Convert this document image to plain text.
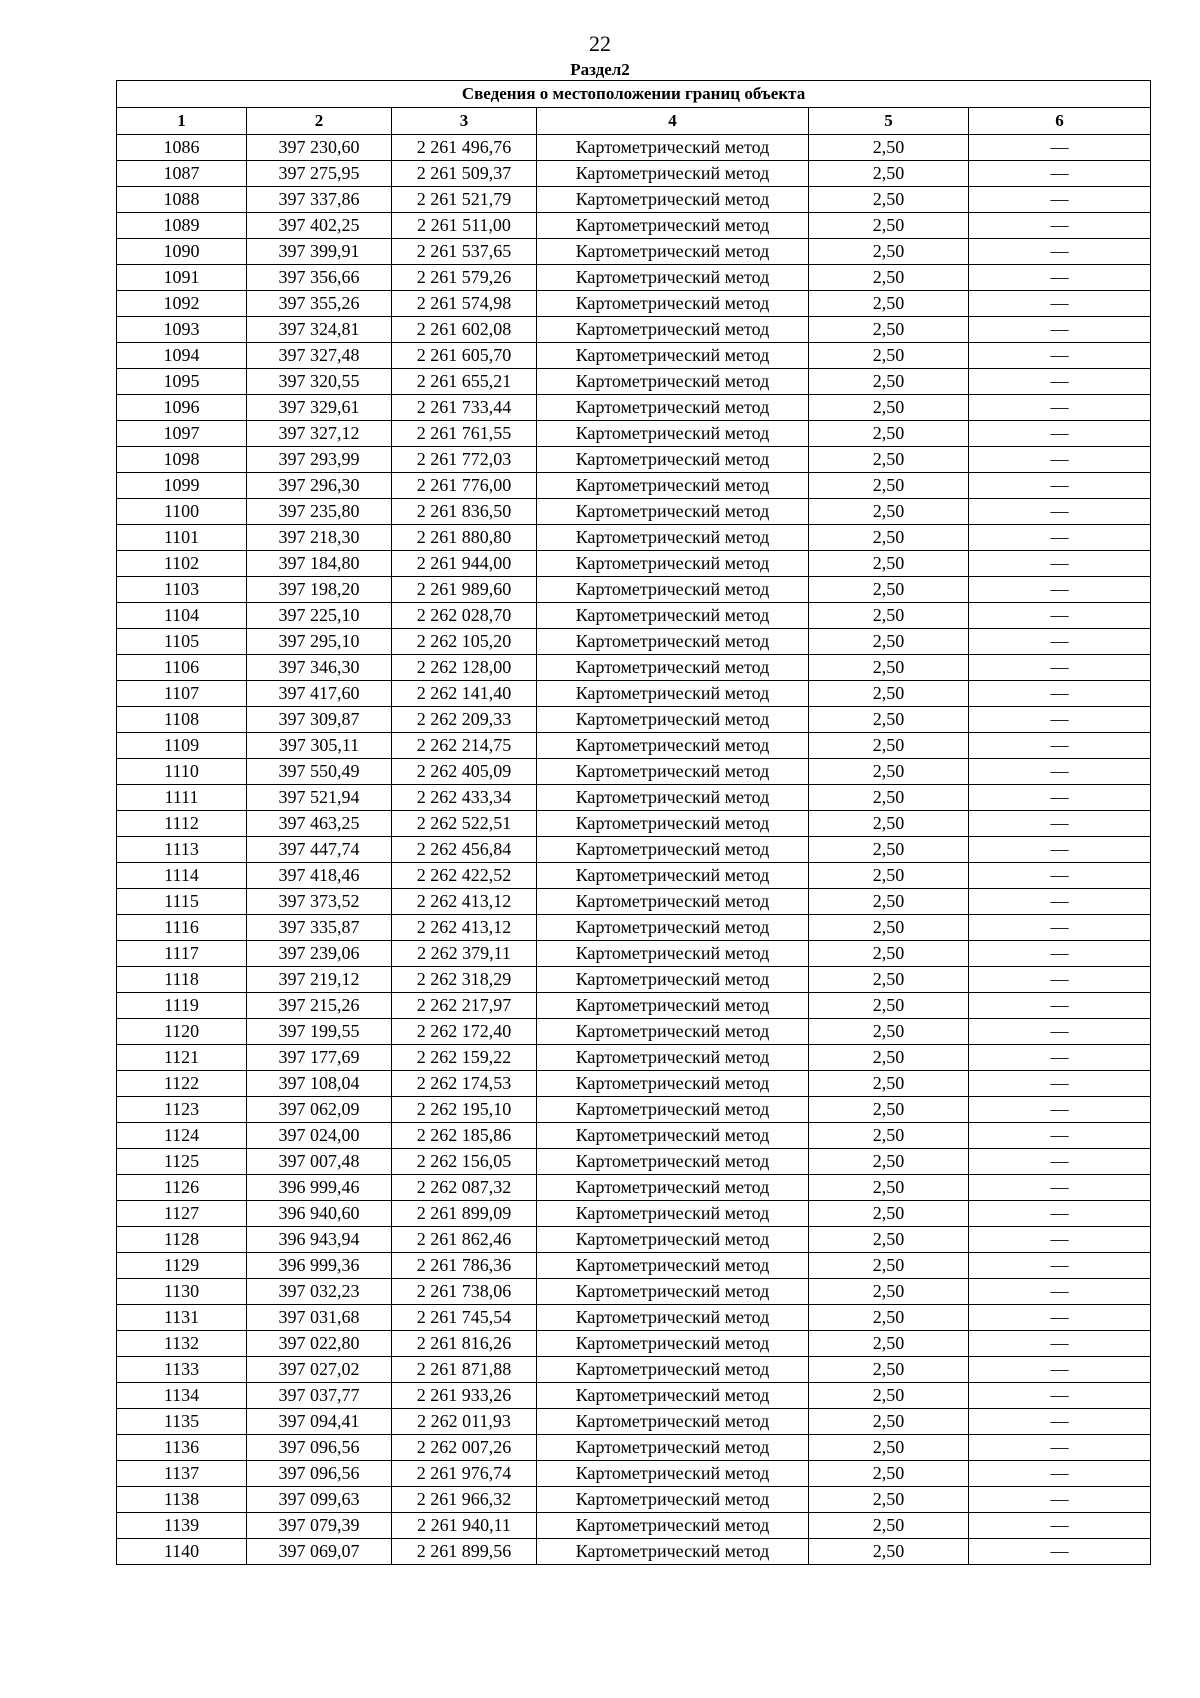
22
Раздел2
Сведения о местоположении границ объекта					
1	2	3	4	5	6
1086	397 230,60	2 261 496,76	Картометрический метод	2,50	—
1087	397 275,95	2 261 509,37	Картометрический метод	2,50	—
1088	397 337,86	2 261 521,79	Картометрический метод	2,50	—
1089	397 402,25	2 261 511,00	Картометрический метод	2,50	—
1090	397 399,91	2 261 537,65	Картометрический метод	2,50	—
1091	397 356,66	2 261 579,26	Картометрический метод	2,50	—
1092	397 355,26	2 261 574,98	Картометрический метод	2,50	—
1093	397 324,81	2 261 602,08	Картометрический метод	2,50	—
1094	397 327,48	2 261 605,70	Картометрический метод	2,50	—
1095	397 320,55	2 261 655,21	Картометрический метод	2,50	—
1096	397 329,61	2 261 733,44	Картометрический метод	2,50	—
1097	397 327,12	2 261 761,55	Картометрический метод	2,50	—
1098	397 293,99	2 261 772,03	Картометрический метод	2,50	—
1099	397 296,30	2 261 776,00	Картометрический метод	2,50	—
1100	397 235,80	2 261 836,50	Картометрический метод	2,50	—
1101	397 218,30	2 261 880,80	Картометрический метод	2,50	—
1102	397 184,80	2 261 944,00	Картометрический метод	2,50	—
1103	397 198,20	2 261 989,60	Картометрический метод	2,50	—
1104	397 225,10	2 262 028,70	Картометрический метод	2,50	—
1105	397 295,10	2 262 105,20	Картометрический метод	2,50	—
1106	397 346,30	2 262 128,00	Картометрический метод	2,50	—
1107	397 417,60	2 262 141,40	Картометрический метод	2,50	—
1108	397 309,87	2 262 209,33	Картометрический метод	2,50	—
1109	397 305,11	2 262 214,75	Картометрический метод	2,50	—
1110	397 550,49	2 262 405,09	Картометрический метод	2,50	—
1111	397 521,94	2 262 433,34	Картометрический метод	2,50	—
1112	397 463,25	2 262 522,51	Картометрический метод	2,50	—
1113	397 447,74	2 262 456,84	Картометрический метод	2,50	—
1114	397 418,46	2 262 422,52	Картометрический метод	2,50	—
1115	397 373,52	2 262 413,12	Картометрический метод	2,50	—
1116	397 335,87	2 262 413,12	Картометрический метод	2,50	—
1117	397 239,06	2 262 379,11	Картометрический метод	2,50	—
1118	397 219,12	2 262 318,29	Картометрический метод	2,50	—
1119	397 215,26	2 262 217,97	Картометрический метод	2,50	—
1120	397 199,55	2 262 172,40	Картометрический метод	2,50	—
1121	397 177,69	2 262 159,22	Картометрический метод	2,50	—
1122	397 108,04	2 262 174,53	Картометрический метод	2,50	—
1123	397 062,09	2 262 195,10	Картометрический метод	2,50	—
1124	397 024,00	2 262 185,86	Картометрический метод	2,50	—
1125	397 007,48	2 262 156,05	Картометрический метод	2,50	—
1126	396 999,46	2 262 087,32	Картометрический метод	2,50	—
1127	396 940,60	2 261 899,09	Картометрический метод	2,50	—
1128	396 943,94	2 261 862,46	Картометрический метод	2,50	—
1129	396 999,36	2 261 786,36	Картометрический метод	2,50	—
1130	397 032,23	2 261 738,06	Картометрический метод	2,50	—
1131	397 031,68	2 261 745,54	Картометрический метод	2,50	—
1132	397 022,80	2 261 816,26	Картометрический метод	2,50	—
1133	397 027,02	2 261 871,88	Картометрический метод	2,50	—
1134	397 037,77	2 261 933,26	Картометрический метод	2,50	—
1135	397 094,41	2 262 011,93	Картометрический метод	2,50	—
1136	397 096,56	2 262 007,26	Картометрический метод	2,50	—
1137	397 096,56	2 261 976,74	Картометрический метод	2,50	—
1138	397 099,63	2 261 966,32	Картометрический метод	2,50	—
1139	397 079,39	2 261 940,11	Картометрический метод	2,50	—
1140	397 069,07	2 261 899,56	Картометрический метод	2,50	—
